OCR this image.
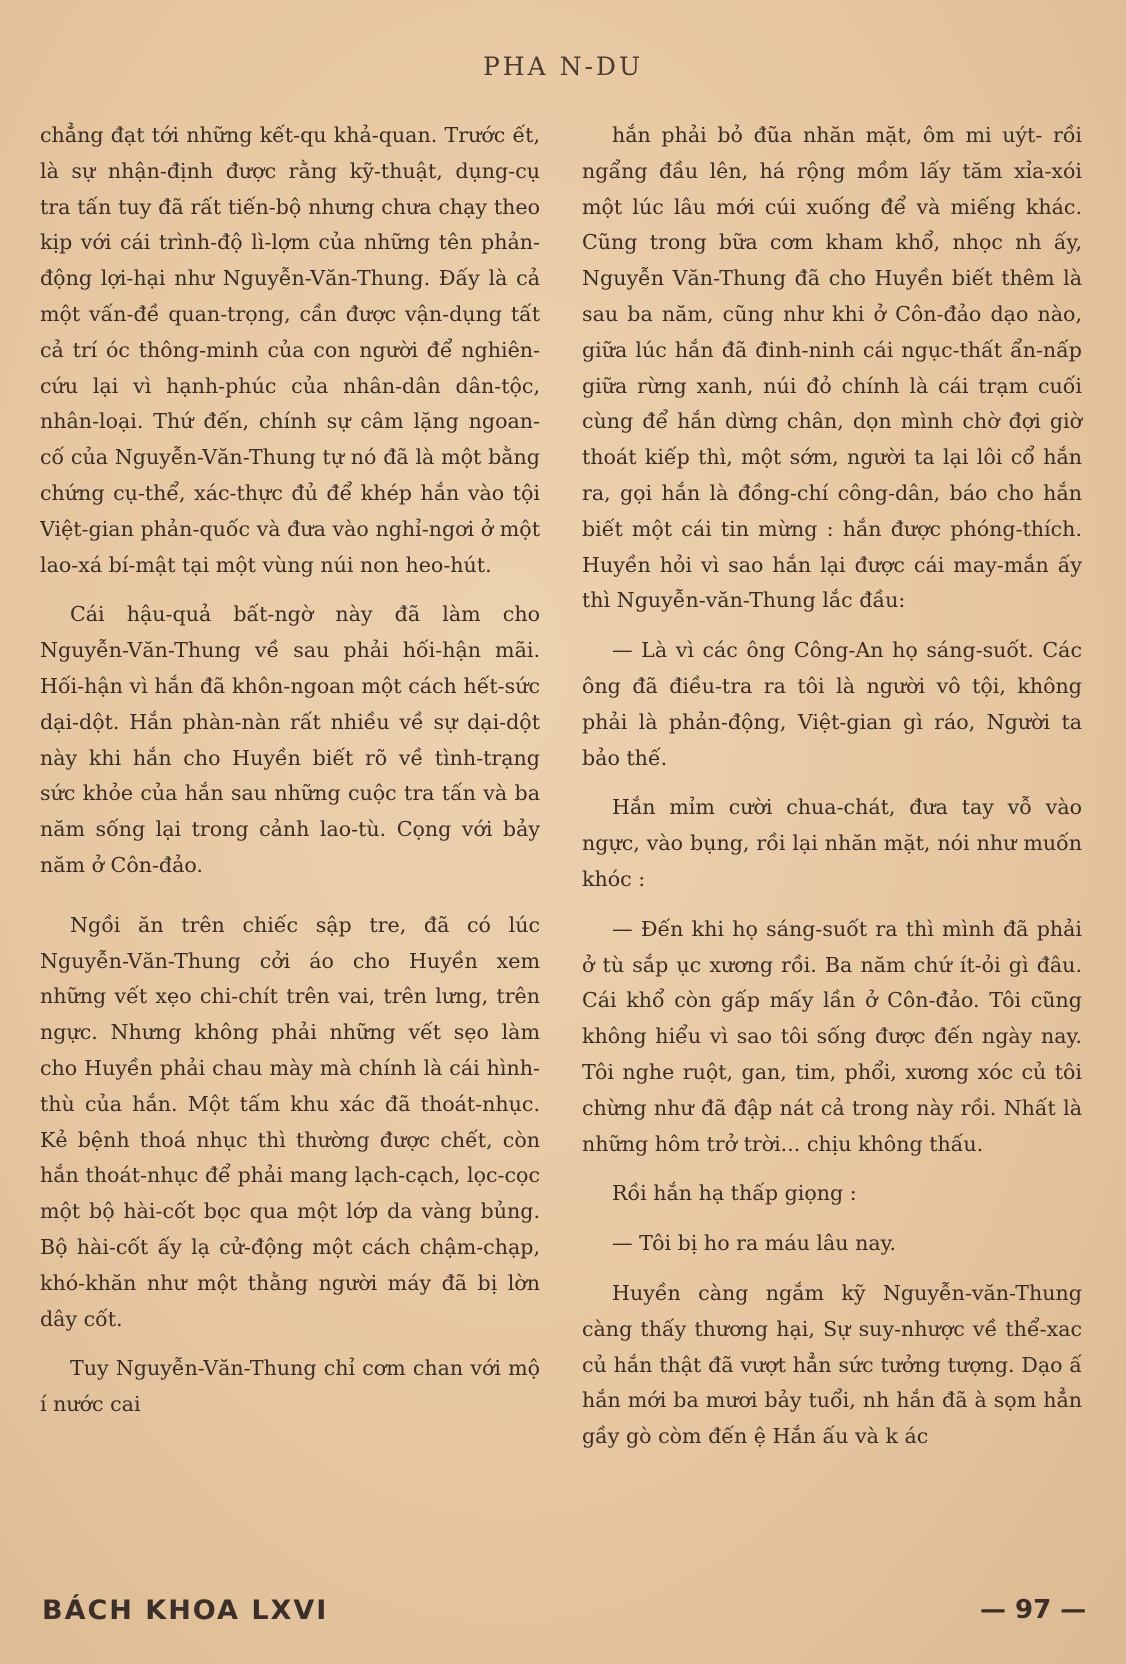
PHA N-DU

chẳng đạt tới những kết-qu khả-quan. Trước ết, là sự nhận-định được rằng kỹ-thuật, dụng-cụ tra tấn tuy đã rất tiến-bộ nhưng chưa chạy theo kịp với cái trình-độ lì-lợm của những tên phản-động lợi-hại như Nguyễn-Văn-Thung. Đấy là cả một vấn-đề quan-trọng, cần được vận-dụng tất cả trí óc thông-minh của con người để nghiên-cứu lại vì hạnh-phúc của nhân-dân dân-tộc, nhân-loại. Thứ đến, chính sự câm lặng ngoan-cố của Nguyễn-Văn-Thung tự nó đã là một bằng chứng cụ-thể, xác-thực đủ để khép hắn vào tội Việt-gian phản-quốc và đưa vào nghỉ-ngơi ở một lao-xá bí-mật tại một vùng núi non heo-hút.

Cái hậu-quả bất-ngờ này đã làm cho Nguyễn-Văn-Thung về sau phải hối-hận mãi. Hối-hận vì hắn đã khôn-ngoan một cách hết-sức dại-dột. Hắn phàn-nàn rất nhiều về sự dại-dột này khi hắn cho Huyền biết rõ về tình-trạng sức khỏe của hắn sau những cuộc tra tấn và ba năm sống lại trong cảnh lao-tù. Cọng với bảy năm ở Côn-đảo.

Ngồi ăn trên chiếc sập tre, đã có lúc Nguyễn-Văn-Thung cởi áo cho Huyền xem những vết xẹo chi-chít trên vai, trên lưng, trên ngực. Nhưng không phải những vết sẹo làm cho Huyền phải chau mày mà chính là cái hình-thù của hắn. Một tấm khu xác đã thoát-nhục. Kẻ bệnh thoá nhục thì thường được chết, còn hắn thoát-nhục để phải mang lạch-cạch, lọc-cọc một bộ hài-cốt bọc qua một lớp da vàng bủng. Bộ hài-cốt ấy lạ cử-động một cách chậm-chạp, khó-khăn như một thằng người máy đã bị lờn dây cốt.

Tuy Nguyễn-Văn-Thung chỉ cơm chan với mộ í nước cai

hắn phải bỏ đũa nhăn mặt, ôm mi uýt- rồi ngẩng đầu lên, há rộng mồm lấy tăm xỉa-xói một lúc lâu mới cúi xuống để và miếng khác. Cũng trong bữa cơm kham khổ, nhọc nh ấy, Nguyễn Văn-Thung đã cho Huyền biết thêm là sau ba năm, cũng như khi ở Côn-đảo dạo nào, giữa lúc hắn đã đinh-ninh cái ngục-thất ẩn-nấp giữa rừng xanh, núi đỏ chính là cái trạm cuối cùng để hắn dừng chân, dọn mình chờ đợi giờ thoát kiếp thì, một sớm, người ta lại lôi cổ hắn ra, gọi hắn là đồng-chí công-dân, báo cho hắn biết một cái tin mừng : hắn được phóng-thích. Huyền hỏi vì sao hắn lại được cái may-mắn ấy thì Nguyễn-văn-Thung lắc đầu:

— Là vì các ông Công-An họ sáng-suốt. Các ông đã điều-tra ra tôi là người vô tội, không phải là phản-động, Việt-gian gì ráo, Người ta bảo thế.

Hắn mỉm cười chua-chát, đưa tay vỗ vào ngực, vào bụng, rồi lại nhăn mặt, nói như muốn khóc :

— Đến khi họ sáng-suốt ra thì mình đã phải ở tù sắp ục xương rồi. Ba năm chứ ít-ỏi gì đâu. Cái khổ còn gấp mấy lần ở Côn-đảo. Tôi cũng không hiểu vì sao tôi sống được đến ngày nay. Tôi nghe ruột, gan, tim, phổi, xương xóc củ tôi chừng như đã đập nát cả trong này rồi. Nhất là những hôm trở trời... chịu không thấu.

Rồi hắn hạ thấp giọng :

— Tôi bị ho ra máu lâu nay.

Huyền càng ngắm kỹ Nguyễn-văn-Thung càng thấy thương hại, Sự suy-nhược về thể-xac củ hắn thật đã vượt hẳn sức tưởng tượng. Dạo ấ hắn mới ba mươi bảy tuổi, nh hắn đã à sọm hẳn gầy gò còm đến ệ Hắn ấu và k ác

BÁCH KHOA LXVI	— 97 —
